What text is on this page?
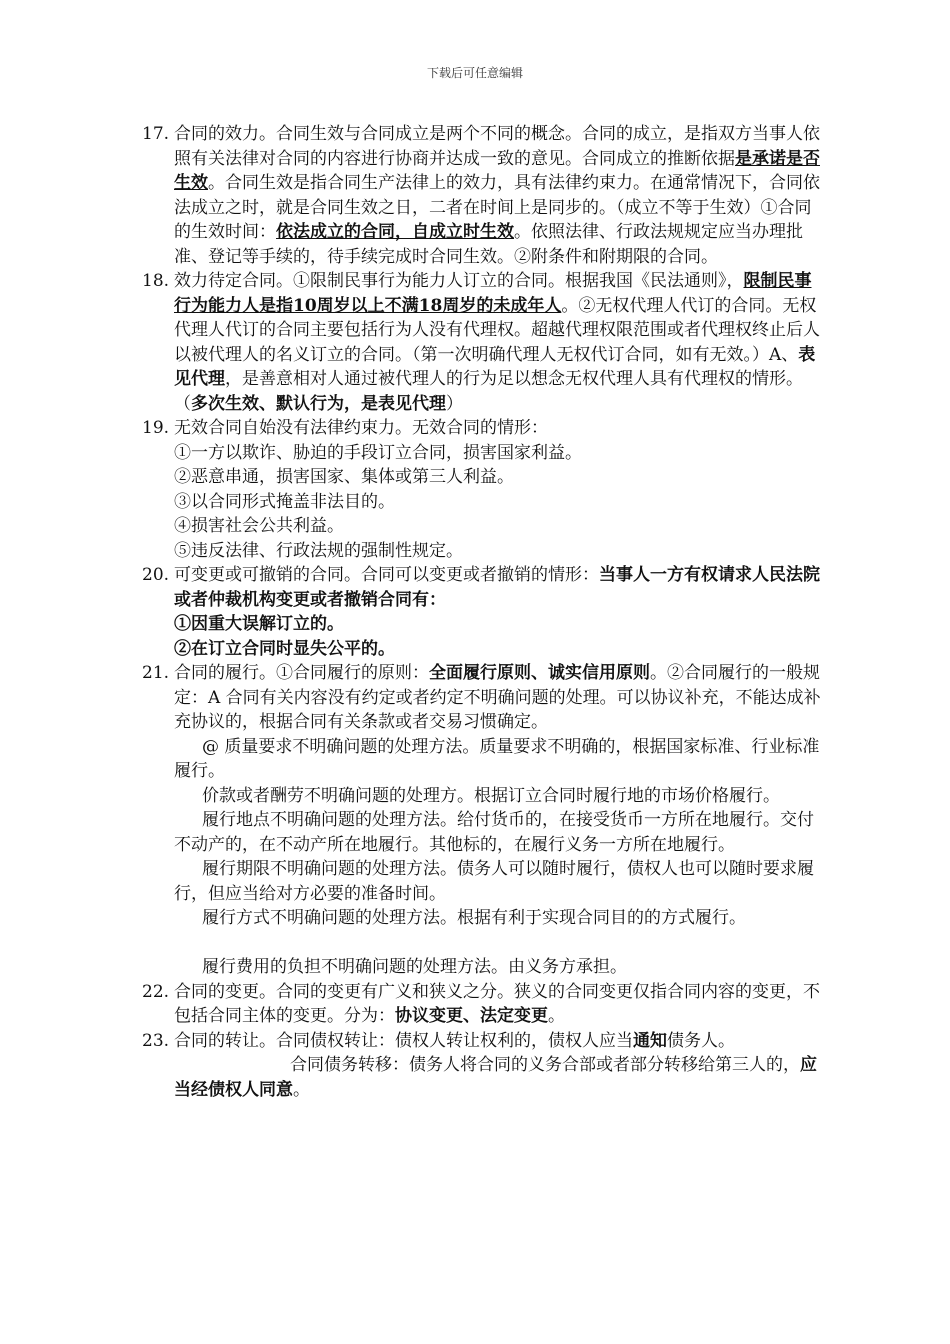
下载后可任意编辑
17. 合同的效力。合同生效与合同成立是两个不同的概念。合同的成立，是指双方当事人依照有关法律对合同的内容进行协商并达成一致的意见。合同成立的推断依据是承诺是否生效。合同生效是指合同生产法律上的效力，具有法律约束力。在通常情况下，合同依法成立之时，就是合同生效之日，二者在时间上是同步的。（成立不等于生效）①合同的生效时间：依法成立的合同，自成立时生效。依照法律、行政法规规定应当办理批准、登记等手续的，待手续完成时合同生效。②附条件和附期限的合同。

18. 效力待定合同。①限制民事行为能力人订立的合同。根据我国《民法通则》，限制民事行为能力人是指10周岁以上不满18周岁的未成年人。②无权代理人代订的合同。无权代理人代订的合同主要包括行为人没有代理权。超越代理权限范围或者代理权终止后人以被代理人的名义订立的合同。（第一次明确代理人无权代订合同，如有无效。）A、表见代理，是善意相对人通过被代理人的行为足以想念无权代理人具有代理权的情形。（多次生效、默认行为，是表见代理）

19. 无效合同自始没有法律约束力。无效合同的情形：

①一方以欺诈、胁迫的手段订立合同，损害国家利益。

②恶意串通，损害国家、集体或第三人利益。

③以合同形式掩盖非法目的。

④损害社会公共利益。

⑤违反法律、行政法规的强制性规定。

20. 可变更或可撤销的合同。合同可以变更或者撤销的情形：当事人一方有权请求人民法院或者仲裁机构变更或者撤销合同有：

①因重大误解订立的。

②在订立合同时显失公平的。

21. 合同的履行。①合同履行的原则：全面履行原则、诚实信用原则。②合同履行的一般规定：A 合同有关内容没有约定或者约定不明确问题的处理。可以协议补充，不能达成补充协议的，根据合同有关条款或者交易习惯确定。

@ 质量要求不明确问题的处理方法。质量要求不明确的，根据国家标准、行业标准履行。

价款或者酬劳不明确问题的处理方。根据订立合同时履行地的市场价格履行。

履行地点不明确问题的处理方法。给付货币的，在接受货币一方所在地履行。交付不动产的，在不动产所在地履行。其他标的，在履行义务一方所在地履行。

履行期限不明确问题的处理方法。债务人可以随时履行，债权人也可以随时要求履行，但应当给对方必要的准备时间。

履行方式不明确问题的处理方法。根据有利于实现合同目的的方式履行。

履行费用的负担不明确问题的处理方法。由义务方承担。

22. 合同的变更。合同的变更有广义和狭义之分。狭义的合同变更仅指合同内容的变更，不包括合同主体的变更。分为：协议变更、法定变更。

23. 合同的转让。合同债权转让：债权人转让权利的，债权人应当通知债务人。

合同债务转移：债务人将合同的义务合部或者部分转移给第三人的，应当经债权人同意。
